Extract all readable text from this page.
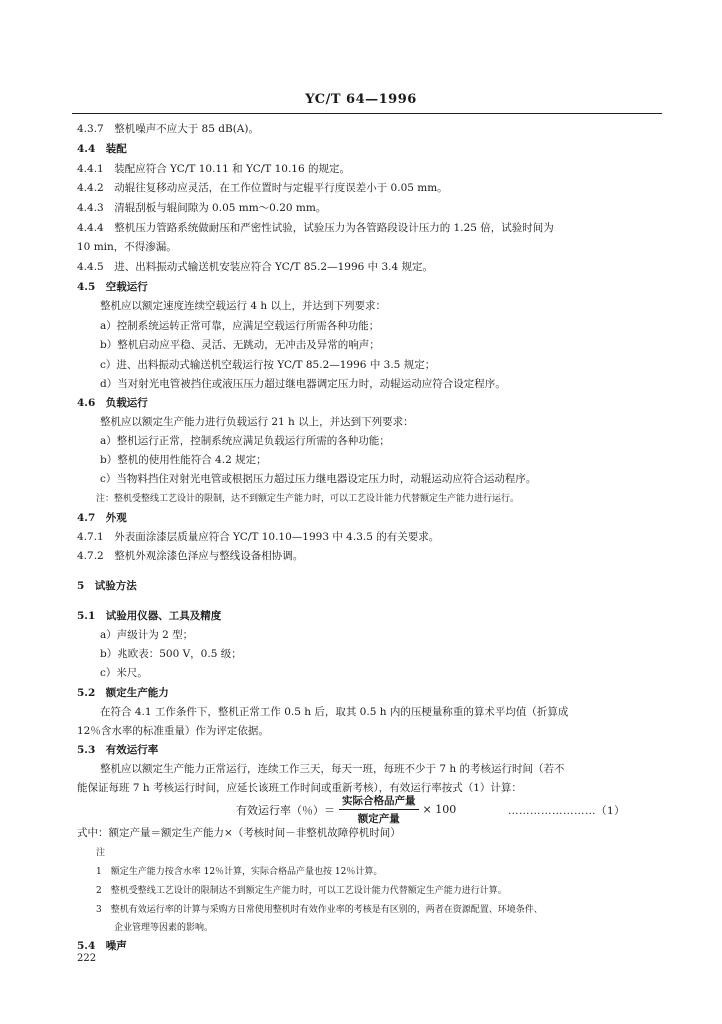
YC/T 64—1996
4.3.7　整机噪声不应大于 85 dB(A)。
4.4　装配
4.4.1　装配应符合 YC/T 10.11 和 YC/T 10.16 的规定。
4.4.2　动辊往复移动应灵活，在工作位置时与定辊平行度误差小于 0.05 mm。
4.4.3　清辊刮板与辊间隙为 0.05 mm～0.20 mm。
4.4.4　整机压力管路系统做耐压和严密性试验，试验压力为各管路段设计压力的 1.25 倍，试验时间为
10 min，不得渗漏。
4.4.5　进、出料振动式输送机安装应符合 YC/T 85.2—1996 中 3.4 规定。
4.5　空载运行
整机应以额定速度连续空载运行 4 h 以上，并达到下列要求：
a）控制系统运转正常可靠，应满足空载运行所需各种功能；
b）整机启动应平稳、灵活、无跳动，无冲击及异常的响声；
c）进、出料振动式输送机空载运行按 YC/T 85.2—1996 中 3.5 规定；
d）当对射光电管被挡住或液压压力超过继电器调定压力时，动辊运动应符合设定程序。
4.6　负载运行
整机应以额定生产能力进行负载运行 21 h 以上，并达到下列要求：
a）整机运行正常，控制系统应满足负载运行所需的各种功能；
b）整机的使用性能符合 4.2 规定；
c）当物料挡住对射光电管或根据压力超过压力继电器设定压力时，动辊运动应符合运动程序。
注：整机受整线工艺设计的限制，达不到额定生产能力时，可以工艺设计能力代替额定生产能力进行运行。
4.7　外观
4.7.1　外表面涂漆层质量应符合 YC/T 10.10—1993 中 4.3.5 的有关要求。
4.7.2　整机外观涂漆色泽应与整线设备相协调。
5　试验方法
5.1　试验用仪器、工具及精度
a）声级计为 2 型；
b）兆欧表：500 V，0.5 级；
c）米尺。
5.2　额定生产能力
在符合 4.1 工作条件下，整机正常工作 0.5 h 后，取其 0.5 h 内的压梗量称重的算术平均值（折算成
12％含水率的标准重量）作为评定依据。
5.3　有效运行率
整机应以额定生产能力正常运行，连续工作三天，每天一班，每班不少于 7 h 的考核运行时间（若不
能保证每班 7 h 考核运行时间，应延长该班工作时间或重新考核），有效运行率按式（1）计算：
有效运行率（％）＝ $\frac{\text{实际合格品产量}}{\text{额定产量}} \times 100$	……………………（1）
式中：额定产量＝额定生产能力×（考核时间－非整机故障停机时间）
注
1　额定生产能力按含水率 12％计算，实际合格品产量也按 12％计算。
2　整机受整线工艺设计的限制达不到额定生产能力时，可以工艺设计能力代替额定生产能力进行计算。
3　整机有效运行率的计算与采购方日常使用整机时有效作业率的考核是有区别的，两者在资源配置、环境条件、
企业管理等因素的影响。
5.4　噪声
222
